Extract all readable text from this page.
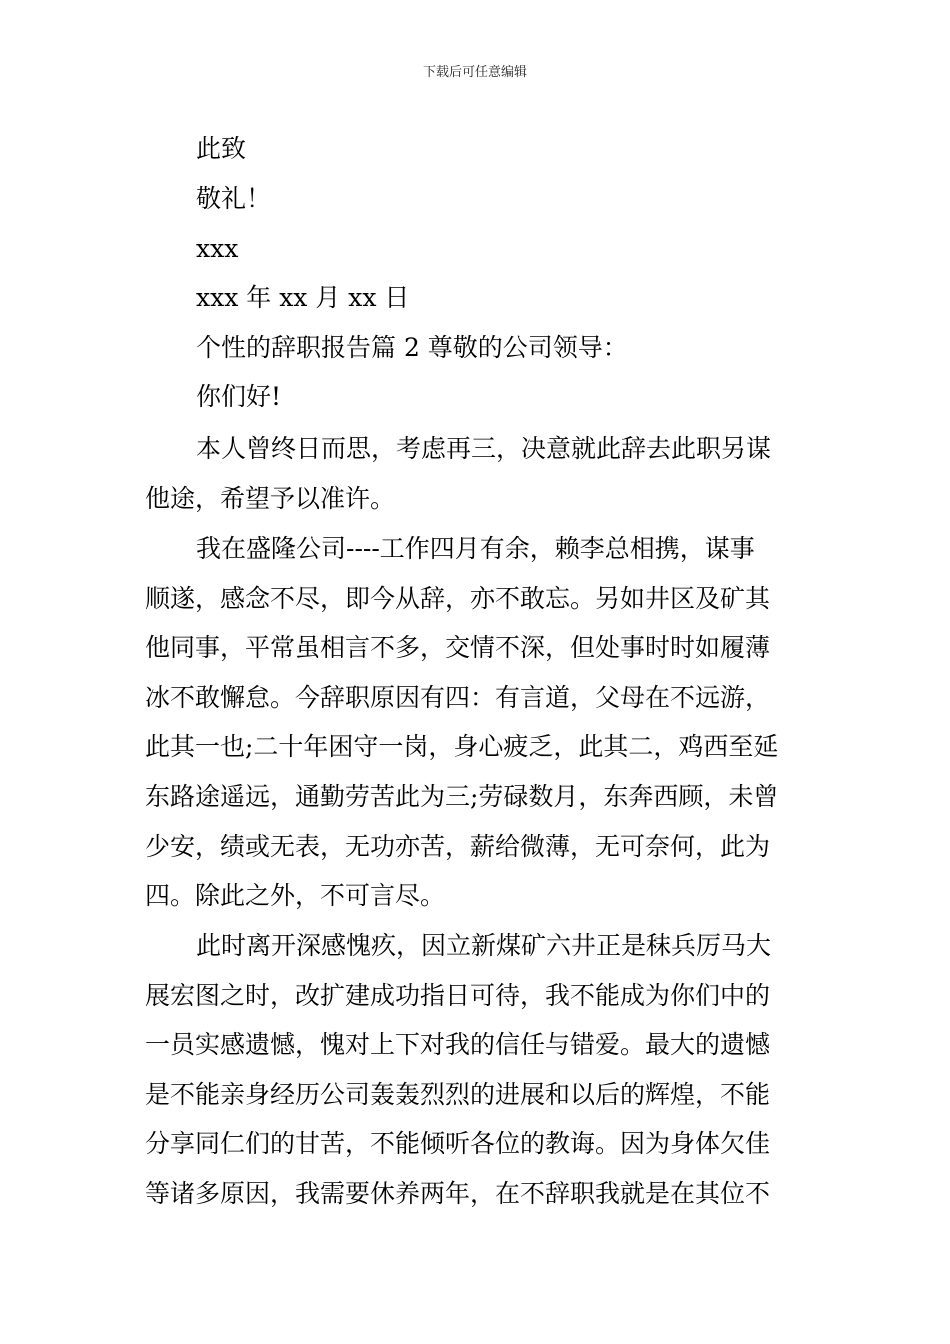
下载后可任意编辑
此致
敬礼！
xxx
xxx 年 xx 月 xx 日
个性的辞职报告篇 2 尊敬的公司领导：
你们好!
本人曾终日而思，考虑再三，决意就此辞去此职另谋
他途，希望予以准许。
我在盛隆公司----工作四月有余，赖李总相携，谋事
顺遂，感念不尽，即今从辞，亦不敢忘。另如井区及矿其
他同事，平常虽相言不多，交情不深，但处事时时如履薄
冰不敢懈怠。今辞职原因有四：有言道，父母在不远游，
此其一也;二十年困守一岗，身心疲乏，此其二，鸡西至延
东路途遥远，通勤劳苦此为三;劳碌数月，东奔西顾，未曾
少安，绩或无表，无功亦苦，薪给微薄，无可奈何，此为
四。除此之外，不可言尽。
此时离开深感愧疚，因立新煤矿六井正是秣兵厉马大
展宏图之时，改扩建成功指日可待，我不能成为你们中的
一员实感遗憾，愧对上下对我的信任与错爱。最大的遗憾
是不能亲身经历公司轰轰烈烈的进展和以后的辉煌，不能
分享同仁们的甘苦，不能倾听各位的教诲。因为身体欠佳
等诸多原因，我需要休养两年，在不辞职我就是在其位不
